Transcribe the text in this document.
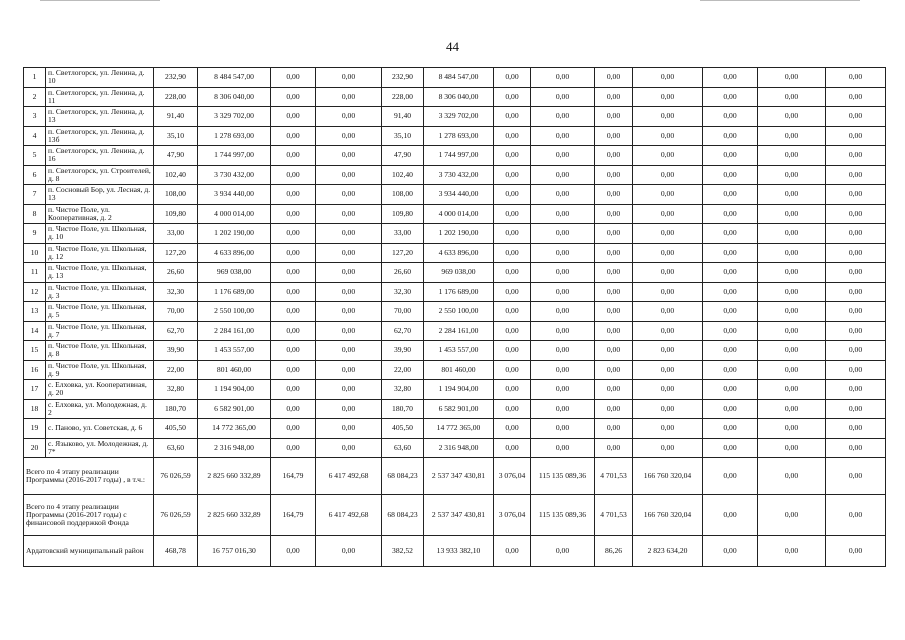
44
1	п. Светлогорск, ул. Ленина, д. 10	232,90	8 484 547,00	0,00	0,00	232,90	8 484 547,00	0,00	0,00	0,00	0,00	0,00	0,00	0,00
2	п. Светлогорск, ул. Ленина, д. 11	228,00	8 306 040,00	0,00	0,00	228,00	8 306 040,00	0,00	0,00	0,00	0,00	0,00	0,00	0,00
3	п. Светлогорск, ул. Ленина, д. 13	91,40	3 329 702,00	0,00	0,00	91,40	3 329 702,00	0,00	0,00	0,00	0,00	0,00	0,00	0,00
4	п. Светлогорск, ул. Ленина, д. 13б	35,10	1 278 693,00	0,00	0,00	35,10	1 278 693,00	0,00	0,00	0,00	0,00	0,00	0,00	0,00
5	п. Светлогорск, ул. Ленина, д. 16	47,90	1 744 997,00	0,00	0,00	47,90	1 744 997,00	0,00	0,00	0,00	0,00	0,00	0,00	0,00
6	п. Светлогорск, ул. Строителей, д. 8	102,40	3 730 432,00	0,00	0,00	102,40	3 730 432,00	0,00	0,00	0,00	0,00	0,00	0,00	0,00
7	п. Сосновый Бор, ул. Лесная, д. 13	108,00	3 934 440,00	0,00	0,00	108,00	3 934 440,00	0,00	0,00	0,00	0,00	0,00	0,00	0,00
8	п. Чистое Поле, ул. Кооперативная, д. 2	109,80	4 000 014,00	0,00	0,00	109,80	4 000 014,00	0,00	0,00	0,00	0,00	0,00	0,00	0,00
9	п. Чистое Поле, ул. Школьная, д. 10	33,00	1 202 190,00	0,00	0,00	33,00	1 202 190,00	0,00	0,00	0,00	0,00	0,00	0,00	0,00
10	п. Чистое Поле, ул. Школьная, д. 12	127,20	4 633 896,00	0,00	0,00	127,20	4 633 896,00	0,00	0,00	0,00	0,00	0,00	0,00	0,00
11	п. Чистое Поле, ул. Школьная, д. 13	26,60	969 038,00	0,00	0,00	26,60	969 038,00	0,00	0,00	0,00	0,00	0,00	0,00	0,00
12	п. Чистое Поле, ул. Школьная, д. 3	32,30	1 176 689,00	0,00	0,00	32,30	1 176 689,00	0,00	0,00	0,00	0,00	0,00	0,00	0,00
13	п. Чистое Поле, ул. Школьная, д. 5	70,00	2 550 100,00	0,00	0,00	70,00	2 550 100,00	0,00	0,00	0,00	0,00	0,00	0,00	0,00
14	п. Чистое Поле, ул. Школьная, д. 7	62,70	2 284 161,00	0,00	0,00	62,70	2 284 161,00	0,00	0,00	0,00	0,00	0,00	0,00	0,00
15	п. Чистое Поле, ул. Школьная, д. 8	39,90	1 453 557,00	0,00	0,00	39,90	1 453 557,00	0,00	0,00	0,00	0,00	0,00	0,00	0,00
16	п. Чистое Поле, ул. Школьная, д. 9	22,00	801 460,00	0,00	0,00	22,00	801 460,00	0,00	0,00	0,00	0,00	0,00	0,00	0,00
17	с. Елховка, ул. Кооперативная, д. 20	32,80	1 194 904,00	0,00	0,00	32,80	1 194 904,00	0,00	0,00	0,00	0,00	0,00	0,00	0,00
18	с. Елховка, ул. Молодежная, д. 2	180,70	6 582 901,00	0,00	0,00	180,70	6 582 901,00	0,00	0,00	0,00	0,00	0,00	0,00	0,00
19	с. Паново, ул. Советская, д. 6	405,50	14 772 365,00	0,00	0,00	405,50	14 772 365,00	0,00	0,00	0,00	0,00	0,00	0,00	0,00
20	с. Языково, ул. Молодежная, д. 7*	63,60	2 316 948,00	0,00	0,00	63,60	2 316 948,00	0,00	0,00	0,00	0,00	0,00	0,00	0,00
Всего по 4 этапу реализации Программы (2016-2017 годы) , в т.ч.:		76 026,59	2 825 660 332,89	164,79	6 417 492,68	68 084,23	2 537 347 430,81	3 076,04	115 135 089,36	4 701,53	166 760 320,04	0,00	0,00	0,00
Всего по 4 этапу реализации Программы (2016-2017 годы) с финансовой поддержкой Фонда		76 026,59	2 825 660 332,89	164,79	6 417 492,68	68 084,23	2 537 347 430,81	3 076,04	115 135 089,36	4 701,53	166 760 320,04	0,00	0,00	0,00
Ардатовский муниципальный район		468,78	16 757 016,30	0,00	0,00	382,52	13 933 382,10	0,00	0,00	86,26	2 823 634,20	0,00	0,00	0,00
